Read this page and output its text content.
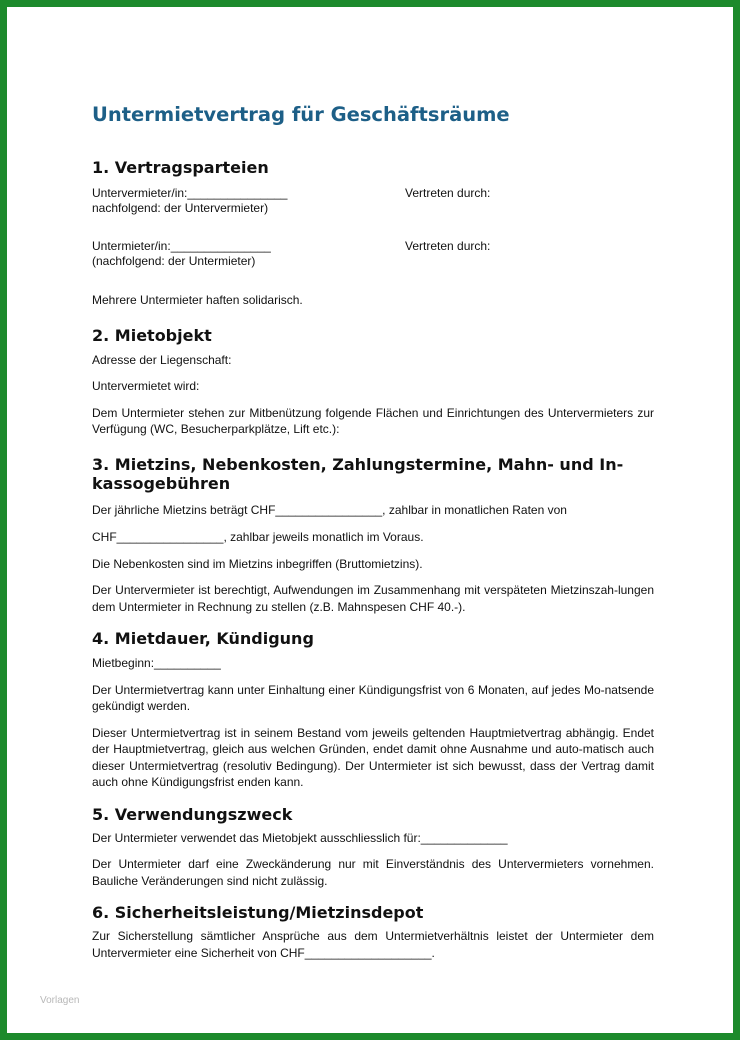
Untermietvertrag für Geschäftsräume
1. Vertragsparteien
Untervermieter/in:_______________	Vertreten durch:
nachfolgend: der Untervermieter)
Untermieter/in:_______________	Vertreten durch:
(nachfolgend: der Untermieter)

Mehrere Untermieter haften solidarisch.

2. Mietobjekt

Adresse der Liegenschaft:

Untervermietet wird:

Dem Untermieter stehen zur Mitbenützung folgende Flächen und Einrichtungen des Untervermieters zur Verfügung (WC, Besucherparkplätze, Lift etc.):

3. Mietzins, Nebenkosten, Zahlungstermine, Mahn- und In-
kassogebühren

Der jährliche Mietzins beträgt CHF________________, zahlbar in monatlichen Raten von

CHF________________, zahlbar jeweils monatlich im Voraus.

Die Nebenkosten sind im Mietzins inbegriffen (Bruttomietzins).

Der Untervermieter ist berechtigt, Aufwendungen im Zusammenhang mit verspäteten Mietzinszah-lungen dem Untermieter in Rechnung zu stellen (z.B. Mahnspesen CHF 40.-).

4. Mietdauer, Kündigung

Mietbeginn:__________

Der Untermietvertrag kann unter Einhaltung einer Kündigungsfrist von 6 Monaten, auf jedes Mo-natsende gekündigt werden.

Dieser Untermietvertrag ist in seinem Bestand vom jeweils geltenden Hauptmietvertrag abhängig. Endet der Hauptmietvertrag, gleich aus welchen Gründen, endet damit ohne Ausnahme und auto-matisch auch dieser Untermietvertrag (resolutiv Bedingung). Der Untermieter ist sich bewusst, dass der Vertrag damit auch ohne Kündigungsfrist enden kann.

5. Verwendungszweck

Der Untermieter verwendet das Mietobjekt ausschliesslich für:_____________

Der Untermieter darf eine Zweckänderung nur mit Einverständnis des Untervermieters vornehmen. Bauliche Veränderungen sind nicht zulässig.

6. Sicherheitsleistung/Mietzinsdepot

Zur Sicherstellung sämtlicher Ansprüche aus dem Untermietverhältnis leistet der Untermieter dem Untervermieter eine Sicherheit von CHF___________________.

Vorlagen
